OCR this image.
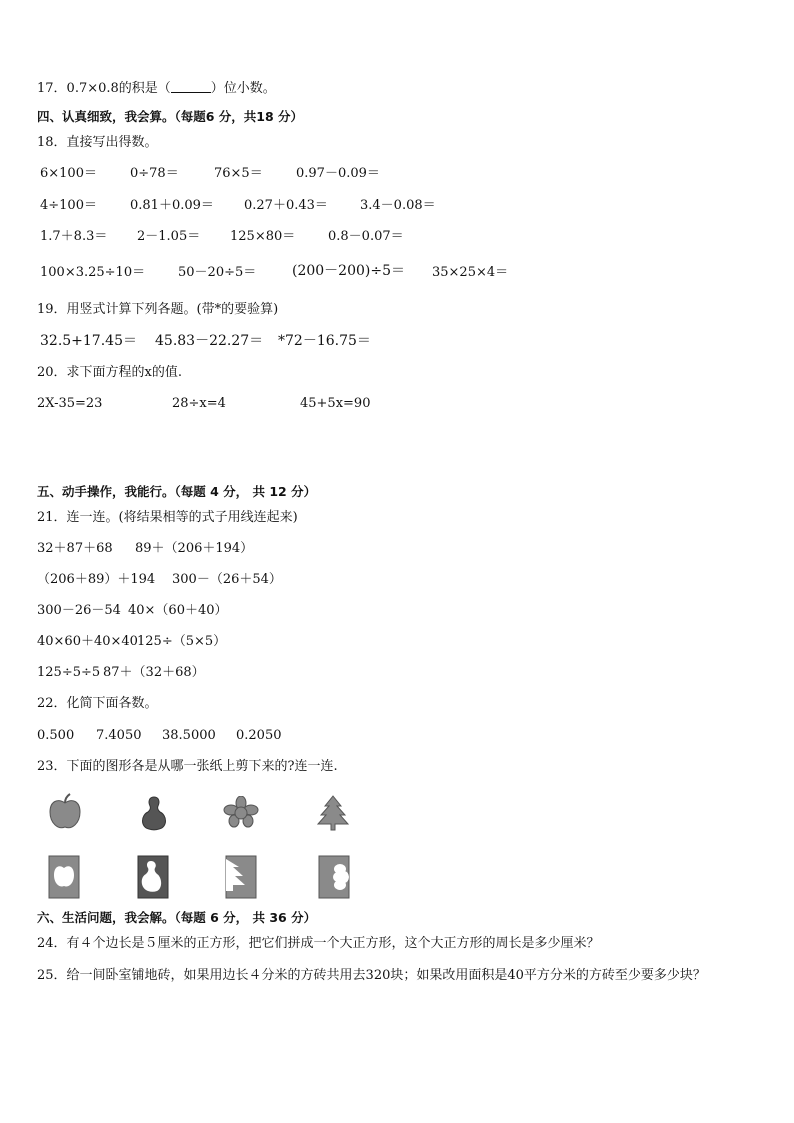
17．0.7×0.8的积是（	）位小数。
四、认真细致，我会算。（每题6 分，共18 分）
18．直接写出得数。
6×100＝	0÷78＝	76×5＝	0.97－0.09＝
4÷100＝	0.81＋0.09＝ 0.27＋0.43＝ 3.4－0.08＝
1.7＋8.3＝ 2－1.05＝ 125×80＝	0.8－0.07＝
100×3.25÷10＝	50－20÷5＝	(200－200)÷5＝ 35×25×4＝
19．用竖式计算下列各题。(带*的要验算)
32.5+17.45＝ 45.83－22.27＝ *72－16.75＝
20．求下面方程的x的值.
2X-35=23	28÷x=4	45+5x=90
五、动手操作，我能行。（每题 4 分， 共 12 分）
21．连一连。(将结果相等的式子用线连起来)
32＋87＋68 89＋（206＋194）
（206＋89）＋194 300－（26＋54）
300－26－54 40×（60＋40）
40×60＋40×40 125÷（5×5）
125÷5÷5 87＋（32＋68）
22．化简下面各数。
0.500 7.4050 38.5000 0.2050
23．下面的图形各是从哪一张纸上剪下来的?连一连.
六、生活问题，我会解。（每题 6 分， 共 36 分）
24．有４个边长是５厘米的正方形，把它们拼成一个大正方形，这个大正方形的周长是多少厘米？
25．给一间卧室铺地砖，如果用边长４分米的方砖共用去320块；如果改用面积是40平方分米的方砖至少要多少块？
